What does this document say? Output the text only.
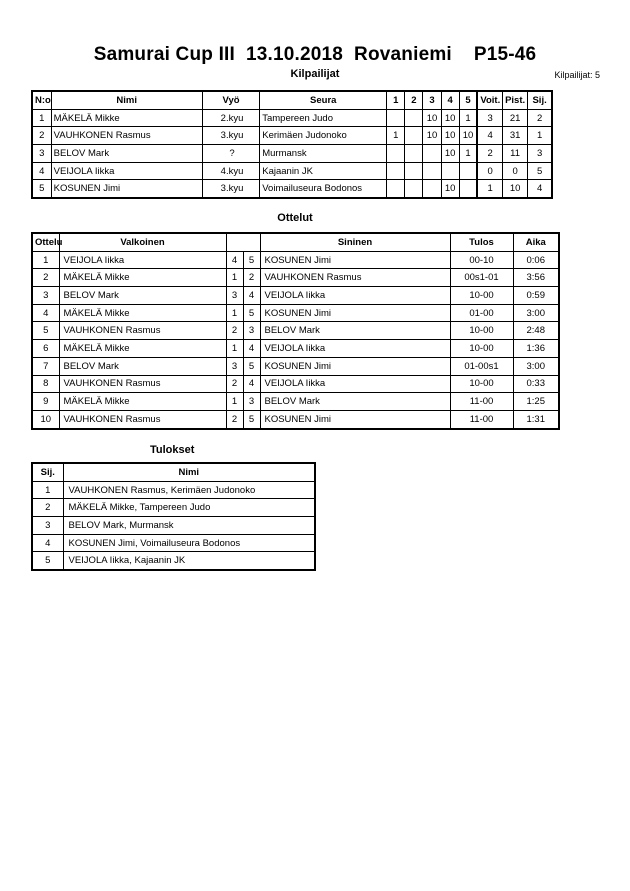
Samurai Cup III  13.10.2018  Rovaniemi    P15-46
Kilpailijat	Kilpailijat: 5
N:o	Nimi	Vyö	Seura	1	2	3	4	5	Voit.	Pist.	Sij.
1	MÄKELÄ Mikke	2.kyu	Tampereen Judo			10	10	1	3	21	2
2	VAUHKONEN Rasmus	3.kyu	Kerimäen Judonoko	1		10	10	10	4	31	1
3	BELOV Mark	?	Murmansk				10	1	2	11	3
4	VEIJOLA Iikka	4.kyu	Kajaanin JK						0	0	5
5	KOSUNEN Jimi	3.kyu	Voimailuseura Bodonos				10		1	10	4
Ottelut
Ottelu	Valkoinen			Sininen	Tulos	Aika
1	VEIJOLA Iikka	4	5	KOSUNEN Jimi	00-10	0:06
2	MÄKELÄ Mikke	1	2	VAUHKONEN Rasmus	00s1-01	3:56
3	BELOV Mark	3	4	VEIJOLA Iikka	10-00	0:59
4	MÄKELÄ Mikke	1	5	KOSUNEN Jimi	01-00	3:00
5	VAUHKONEN Rasmus	2	3	BELOV Mark	10-00	2:48
6	MÄKELÄ Mikke	1	4	VEIJOLA Iikka	10-00	1:36
7	BELOV Mark	3	5	KOSUNEN Jimi	01-00s1	3:00
8	VAUHKONEN Rasmus	2	4	VEIJOLA Iikka	10-00	0:33
9	MÄKELÄ Mikke	1	3	BELOV Mark	11-00	1:25
10	VAUHKONEN Rasmus	2	5	KOSUNEN Jimi	11-00	1:31
Tulokset
Sij.	Nimi
1	VAUHKONEN Rasmus, Kerimäen Judonoko
2	MÄKELÄ Mikke, Tampereen Judo
3	BELOV Mark, Murmansk
4	KOSUNEN Jimi, Voimailuseura Bodonos
5	VEIJOLA Iikka, Kajaanin JK
